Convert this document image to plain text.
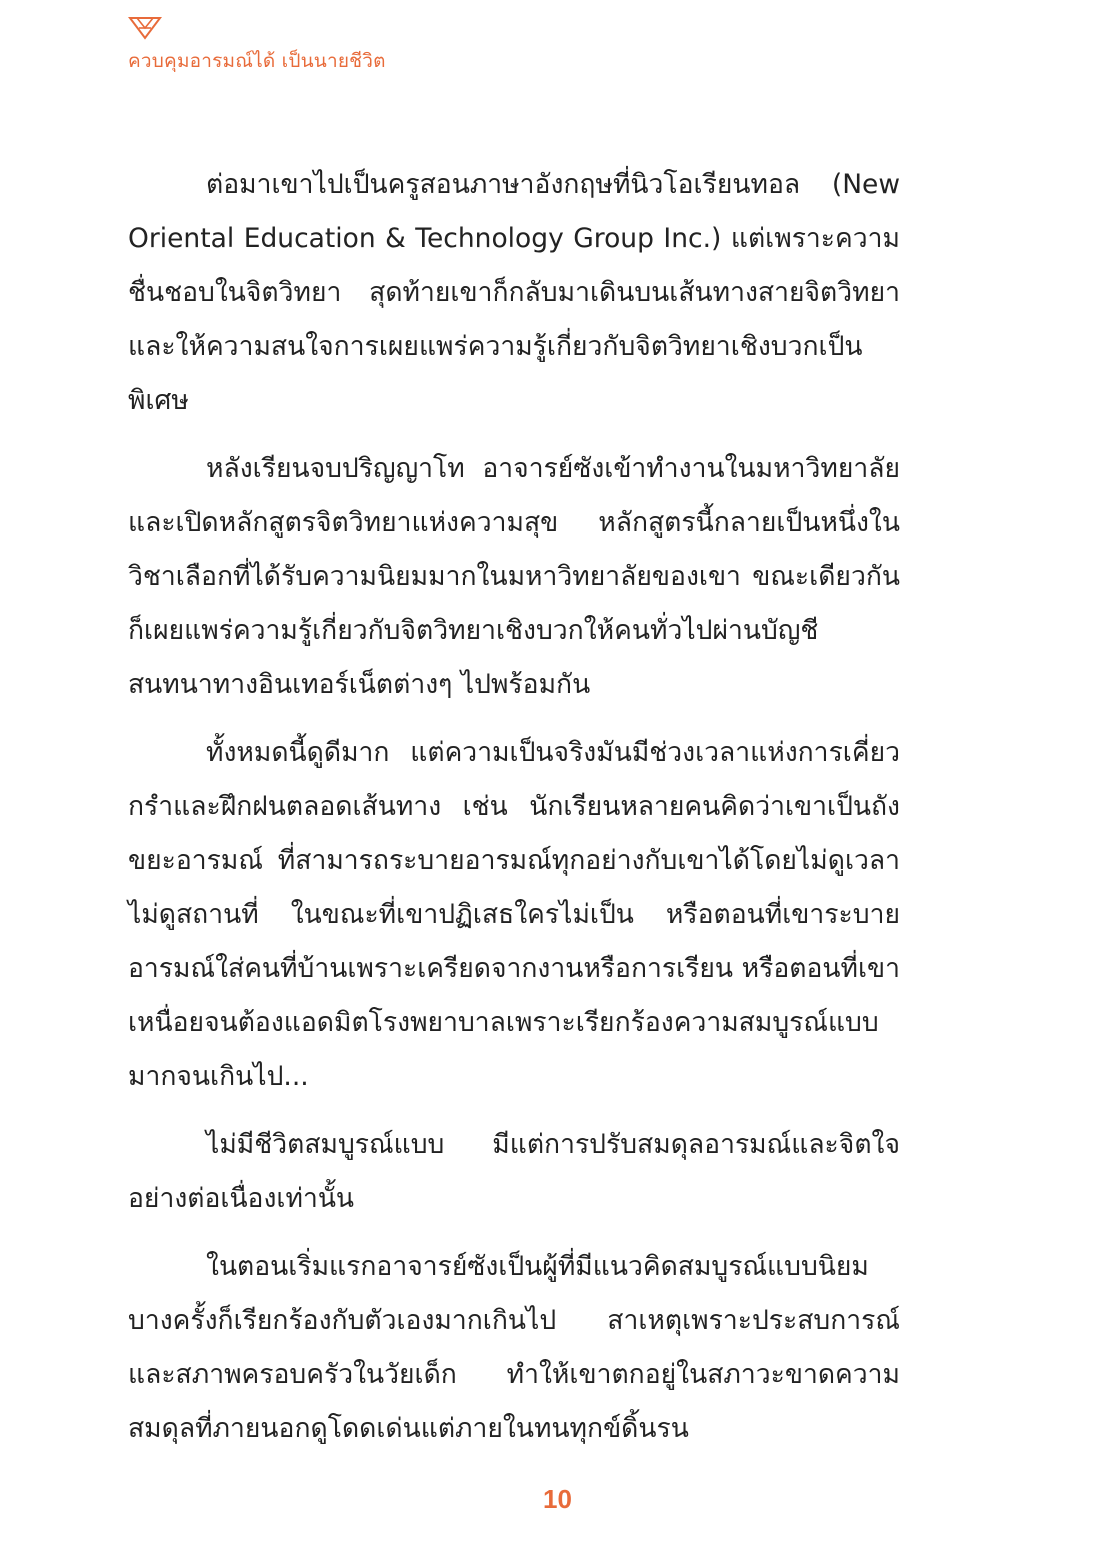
ควบคุมอารมณ์ได้ เป็นนายชีวิต

ต่อมาเขาไปเป็นครูสอนภาษาอังกฤษที่นิวโอเรียนทอล (New Oriental Education & Technology Group Inc.) แต่เพราะความชื่นชอบในจิตวิทยา สุดท้ายเขาก็กลับมาเดินบนเส้นทางสายจิตวิทยาและให้ความสนใจการเผยแพร่ความรู้เกี่ยวกับจิตวิทยาเชิงบวกเป็นพิเศษ

หลังเรียนจบปริญญาโท อาจารย์ซังเข้าทำงานในมหาวิทยาลัยและเปิดหลักสูตรจิตวิทยาแห่งความสุข หลักสูตรนี้กลายเป็นหนึ่งในวิชาเลือกที่ได้รับความนิยมมากในมหาวิทยาลัยของเขา ขณะเดียวกันก็เผยแพร่ความรู้เกี่ยวกับจิตวิทยาเชิงบวกให้คนทั่วไปผ่านบัญชีสนทนาทางอินเทอร์เน็ตต่างๆ ไปพร้อมกัน

ทั้งหมดนี้ดูดีมาก แต่ความเป็นจริงมันมีช่วงเวลาแห่งการเคี่ยวกรำและฝึกฝนตลอดเส้นทาง เช่น นักเรียนหลายคนคิดว่าเขาเป็นถังขยะอารมณ์ ที่สามารถระบายอารมณ์ทุกอย่างกับเขาได้โดยไม่ดูเวลาไม่ดูสถานที่ ในขณะที่เขาปฏิเสธใครไม่เป็น หรือตอนที่เขาระบายอารมณ์ใส่คนที่บ้านเพราะเครียดจากงานหรือการเรียน หรือตอนที่เขาเหนื่อยจนต้องแอดมิตโรงพยาบาลเพราะเรียกร้องความสมบูรณ์แบบมากจนเกินไป...

ไม่มีชีวิตสมบูรณ์แบบ มีแต่การปรับสมดุลอารมณ์และจิตใจอย่างต่อเนื่องเท่านั้น

ในตอนเริ่มแรกอาจารย์ซังเป็นผู้ที่มีแนวคิดสมบูรณ์แบบนิยม บางครั้งก็เรียกร้องกับตัวเองมากเกินไป สาเหตุเพราะประสบการณ์และสภาพครอบครัวในวัยเด็ก ทำให้เขาตกอยู่ในสภาวะขาดความสมดุลที่ภายนอกดูโดดเด่นแต่ภายในทนทุกข์ดิ้นรน

10
